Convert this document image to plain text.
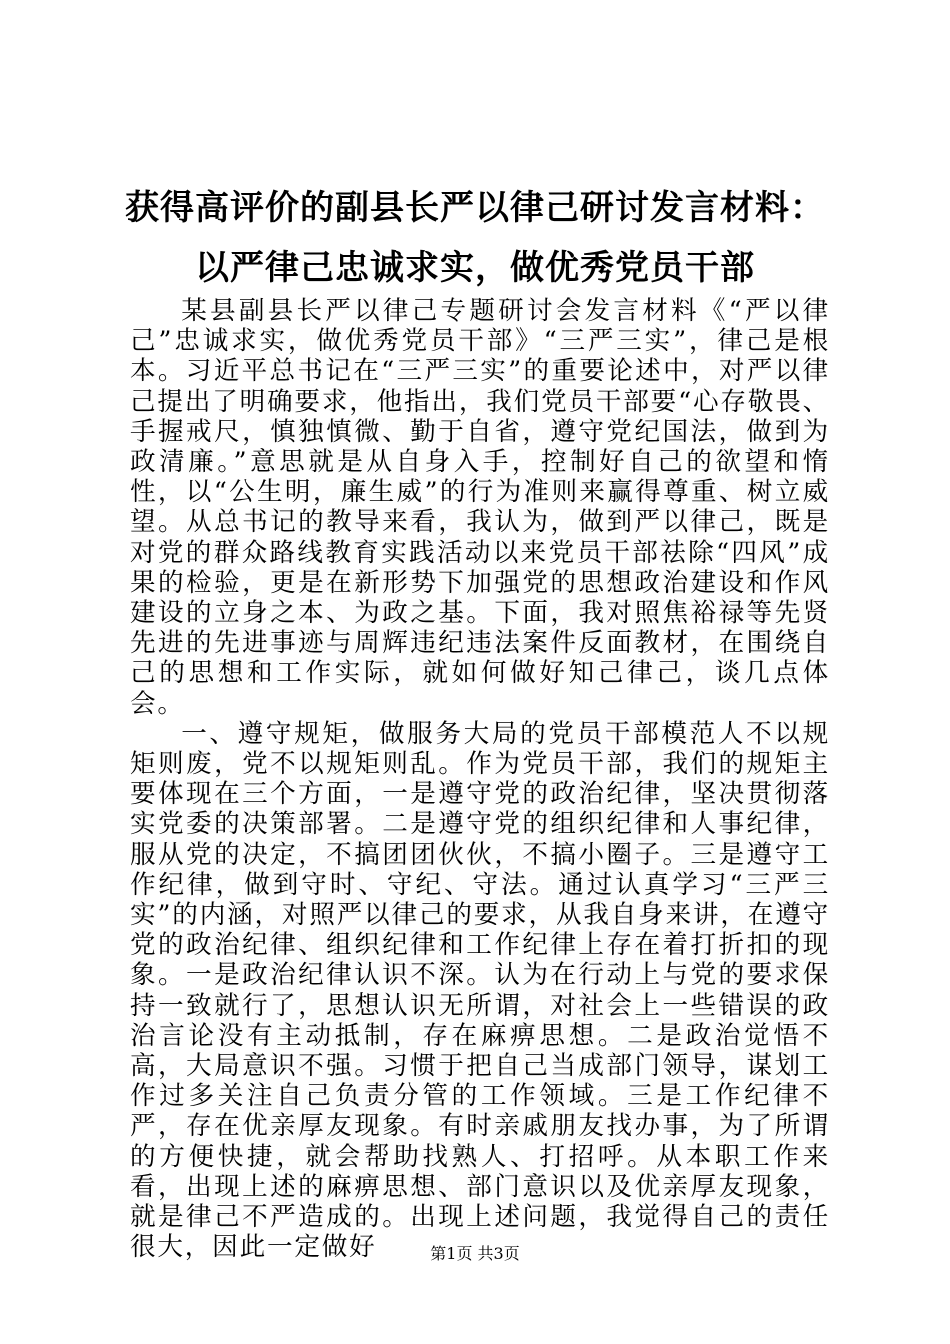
获得高评价的副县长严以律己研讨发言材料：
以严律己忠诚求实，做优秀党员干部

某县副县长严以律己专题研讨会发言材料《“严以律己”忠诚求实，做优秀党员干部》“三严三实”，律己是根本。习近平总书记在“三严三实”的重要论述中，对严以律己提出了明确要求，他指出，我们党员干部要“心存敬畏、手握戒尺，慎独慎微、勤于自省，遵守党纪国法，做到为政清廉。”意思就是从自身入手，控制好自己的欲望和惰性，以“公生明，廉生威”的行为准则来赢得尊重、树立威望。从总书记的教导来看，我认为，做到严以律己，既是对党的群众路线教育实践活动以来党员干部祛除“四风”成果的检验，更是在新形势下加强党的思想政治建设和作风建设的立身之本、为政之基。下面，我对照焦裕禄等先贤先进的先进事迹与周辉违纪违法案件反面教材，在围绕自己的思想和工作实际，就如何做好知己律己，谈几点体会。

一、遵守规矩，做服务大局的党员干部模范人不以规矩则废，党不以规矩则乱。作为党员干部，我们的规矩主要体现在三个方面，一是遵守党的政治纪律，坚决贯彻落实党委的决策部署。二是遵守党的组织纪律和人事纪律，服从党的决定，不搞团团伙伙，不搞小圈子。三是遵守工作纪律，做到守时、守纪、守法。通过认真学习“三严三实”的内涵，对照严以律己的要求，从我自身来讲，在遵守党的政治纪律、组织纪律和工作纪律上存在着打折扣的现象。一是政治纪律认识不深。认为在行动上与党的要求保持一致就行了，思想认识无所谓，对社会上一些错误的政治言论没有主动抵制，存在麻痹思想。二是政治觉悟不高，大局意识不强。习惯于把自己当成部门领导，谋划工作过多关注自己负责分管的工作领域。三是工作纪律不严，存在优亲厚友现象。有时亲戚朋友找办事，为了所谓的方便快捷，就会帮助找熟人、打招呼。从本职工作来看，出现上述的麻痹思想、部门意识以及优亲厚友现象，就是律己不严造成的。出现上述问题，我觉得自己的责任很大，因此一定做好	第1页 共3页
